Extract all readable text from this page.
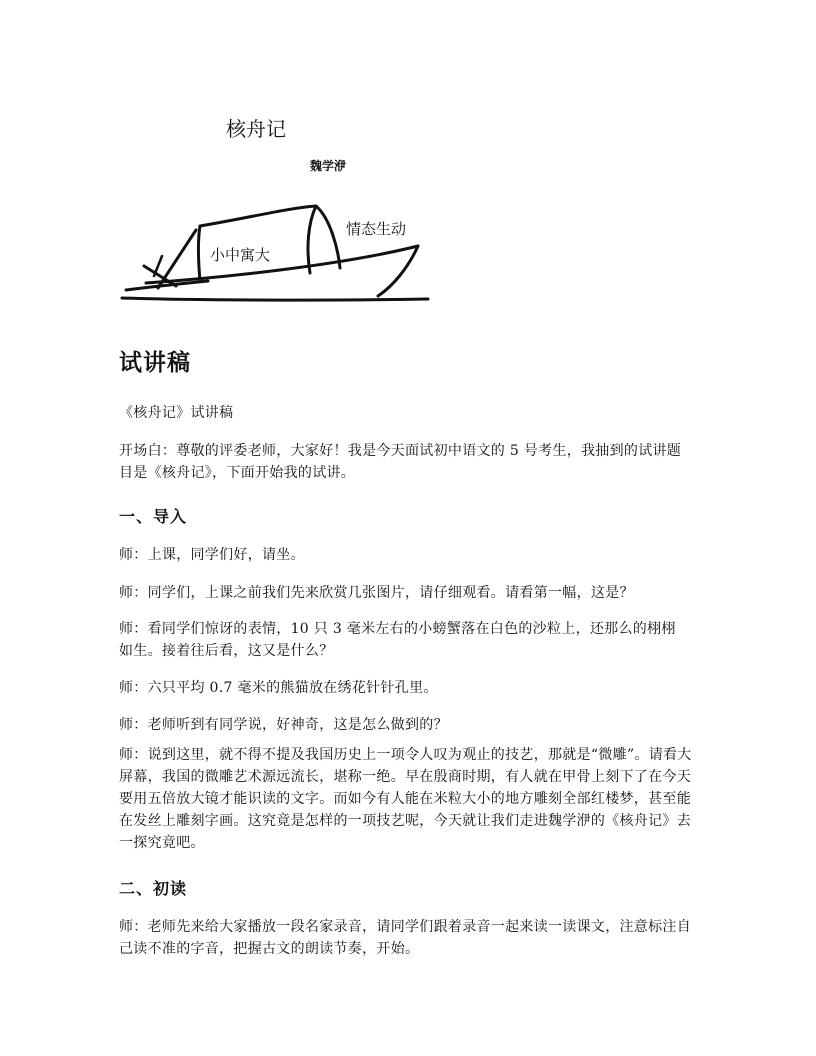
核舟记
魏学洢
小中寓大
情态生动
试讲稿

《核舟记》试讲稿

开场白：尊敬的评委老师，大家好！我是今天面试初中语文的 5 号考生，我抽到的试讲题目是《核舟记》，下面开始我的试讲。

一、导入

师：上课，同学们好，请坐。

师：同学们，上课之前我们先来欣赏几张图片，请仔细观看。请看第一幅，这是？

师：看同学们惊讶的表情，10 只 3 毫米左右的小螃蟹落在白色的沙粒上，还那么的栩栩如生。接着往后看，这又是什么？

师：六只平均 0.7 毫米的熊猫放在绣花针针孔里。

师：老师听到有同学说，好神奇，这是怎么做到的？

师：说到这里，就不得不提及我国历史上一项令人叹为观止的技艺，那就是“微雕”。请看大屏幕，我国的微雕艺术源远流长，堪称一绝。早在殷商时期，有人就在甲骨上刻下了在今天要用五倍放大镜才能识读的文字。而如今有人能在米粒大小的地方雕刻全部红楼梦，甚至能在发丝上雕刻字画。这究竟是怎样的一项技艺呢，今天就让我们走进魏学洢的《核舟记》去一探究竟吧。

二、初读

师：老师先来给大家播放一段名家录音，请同学们跟着录音一起来读一读课文，注意标注自己读不准的字音，把握古文的朗读节奏，开始。
